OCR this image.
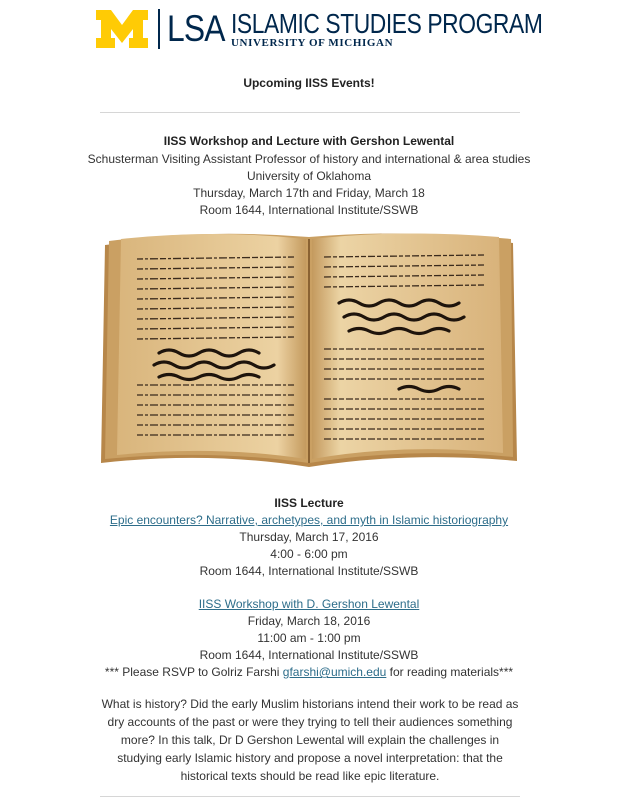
LSA ISLAMIC STUDIES PROGRAM
UNIVERSITY OF MICHIGAN
Upcoming IISS Events!
IISS Workshop and Lecture with Gershon Lewental
Schusterman Visiting Assistant Professor of history and international & area studies
University of Oklahoma
Thursday, March 17th and Friday, March 18
Room 1644, International Institute/SSWB
IISS Lecture
Epic encounters? Narrative, archetypes, and myth in Islamic historiography
Thursday, March 17, 2016
4:00 - 6:00 pm
Room 1644, International Institute/SSWB
IISS Workshop with D. Gershon Lewental
Friday, March 18, 2016
11:00 am - 1:00 pm
Room 1644, International Institute/SSWB
*** Please RSVP to Golriz Farshi gfarshi@umich.edu for reading materials***
What is history? Did the early Muslim historians intend their work to be read as dry accounts of the past or were they trying to tell their audiences something more? In this talk, Dr D Gershon Lewental will explain the challenges in studying early Islamic history and propose a novel interpretation: that the historical texts should be read like epic literature.
